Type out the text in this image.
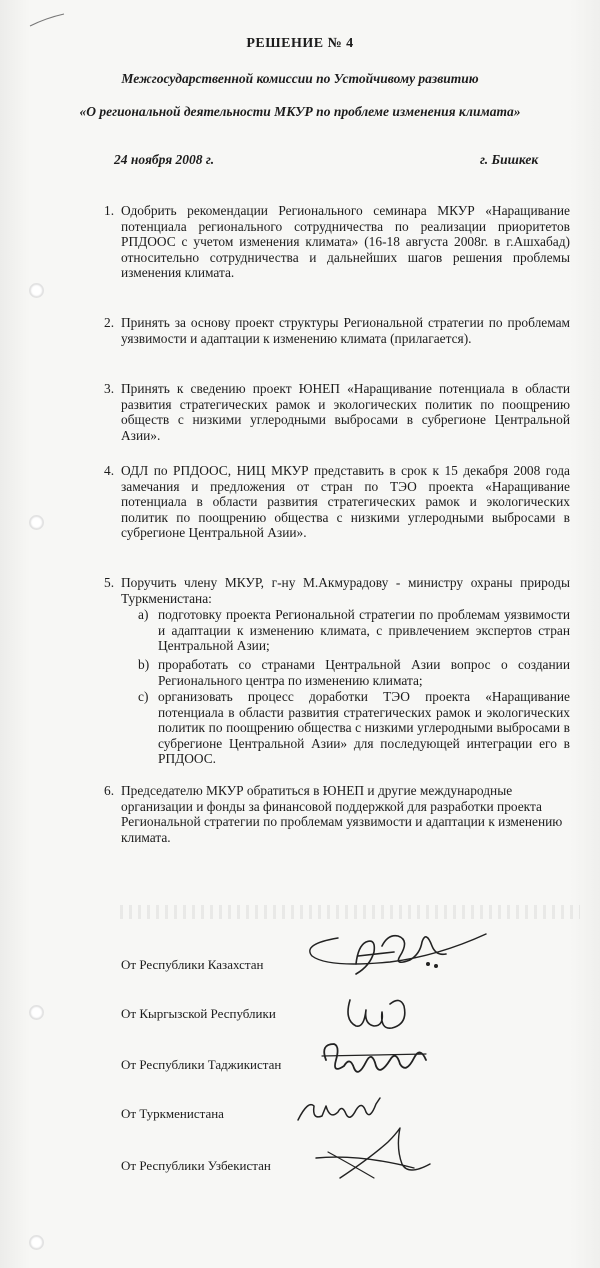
РЕШЕНИЕ № 4
Межгосударственной комиссии по Устойчивому развитию
«О региональной деятельности МКУР по проблеме изменения климата»
24 ноября 2008 г.	г. Бишкек
1. Одобрить рекомендации Регионального семинара МКУР «Наращивание потенциала регионального сотрудничества по реализации приоритетов РПДООС с учетом изменения климата» (16-18 августа 2008г. в г.Ашхабад) относительно сотрудничества и дальнейших шагов решения проблемы изменения климата.
2. Принять за основу проект структуры Региональной стратегии по проблемам уязвимости и адаптации к изменению климата (прилагается).
3. Принять к сведению проект ЮНЕП «Наращивание потенциала в области развития стратегических рамок и экологических политик по поощрению обществ с низкими углеродными выбросами в субрегионе Центральной Азии».
4. ОДЛ по РПДООС, НИЦ МКУР представить в срок к 15 декабря 2008 года замечания и предложения от стран по ТЭО проекта «Наращивание потенциала в области развития стратегических рамок и экологических политик по поощрению общества с низкими углеродными выбросами в субрегионе Центральной Азии».
5. Поручить члену МКУР, г-ну М.Акмурадову - министру охраны природы Туркменистана:
a) подготовку проекта Региональной стратегии по проблемам уязвимости и адаптации к изменению климата, с привлечением экспертов стран Центральной Азии;
b) проработать со странами Центральной Азии вопрос о создании Регионального центра по изменению климата;
c) организовать процесс доработки ТЭО проекта «Наращивание потенциала в области развития стратегических рамок и экологических политик по поощрению общества с низкими углеродными выбросами в субрегионе Центральной Азии» для последующей интеграции его в РПДООС.
6. Председателю МКУР обратиться в ЮНЕП и другие международные организации и фонды за финансовой поддержкой для разработки проекта Региональной стратегии по проблемам уязвимости и адаптации к изменению климата.
От Республики Казахстан
От Кыргызской Республики
От Республики Таджикистан
От Туркменистана
От Республики Узбекистан
